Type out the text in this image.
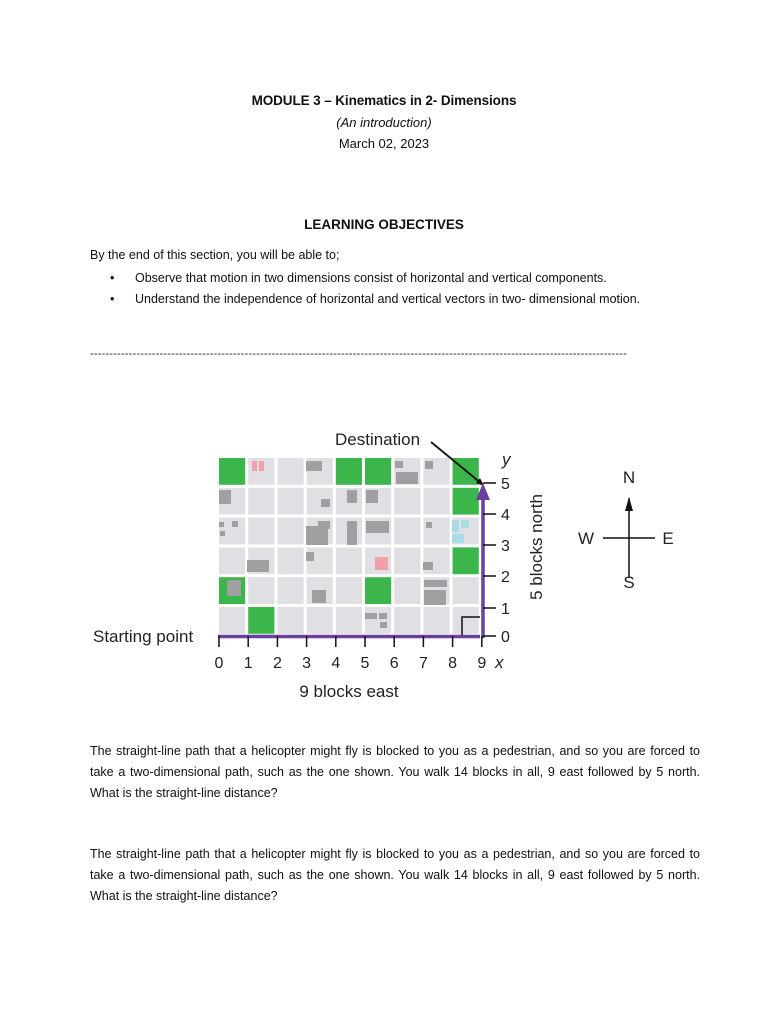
MODULE 3 – Kinematics in 2- Dimensions
(An introduction)
March 02, 2023
LEARNING OBJECTIVES
By the end of this section, you will be able to;
• Observe that motion in two dimensions consist of horizontal and vertical components.
• Understand the independence of horizontal and vertical vectors in two- dimensional motion.
-------------------------------------------------------------------------------------------------------------------------------------------
Destination
Starting point	0
1
2
3
4
5
0 1 2 3 4 5 6 7 8 9
y
x
9 blocks east
5 blocks north
N
S
W	E
The straight-line path that a helicopter might fly is blocked to you as a pedestrian, and so you are forced to take a two-dimensional path, such as the one shown. You walk 14 blocks in all, 9 east followed by 5 north. What is the straight-line distance?
The straight-line path that a helicopter might fly is blocked to you as a pedestrian, and so you are forced to take a two-dimensional path, such as the one shown. You walk 14 blocks in all, 9 east followed by 5 north. What is the straight-line distance?
